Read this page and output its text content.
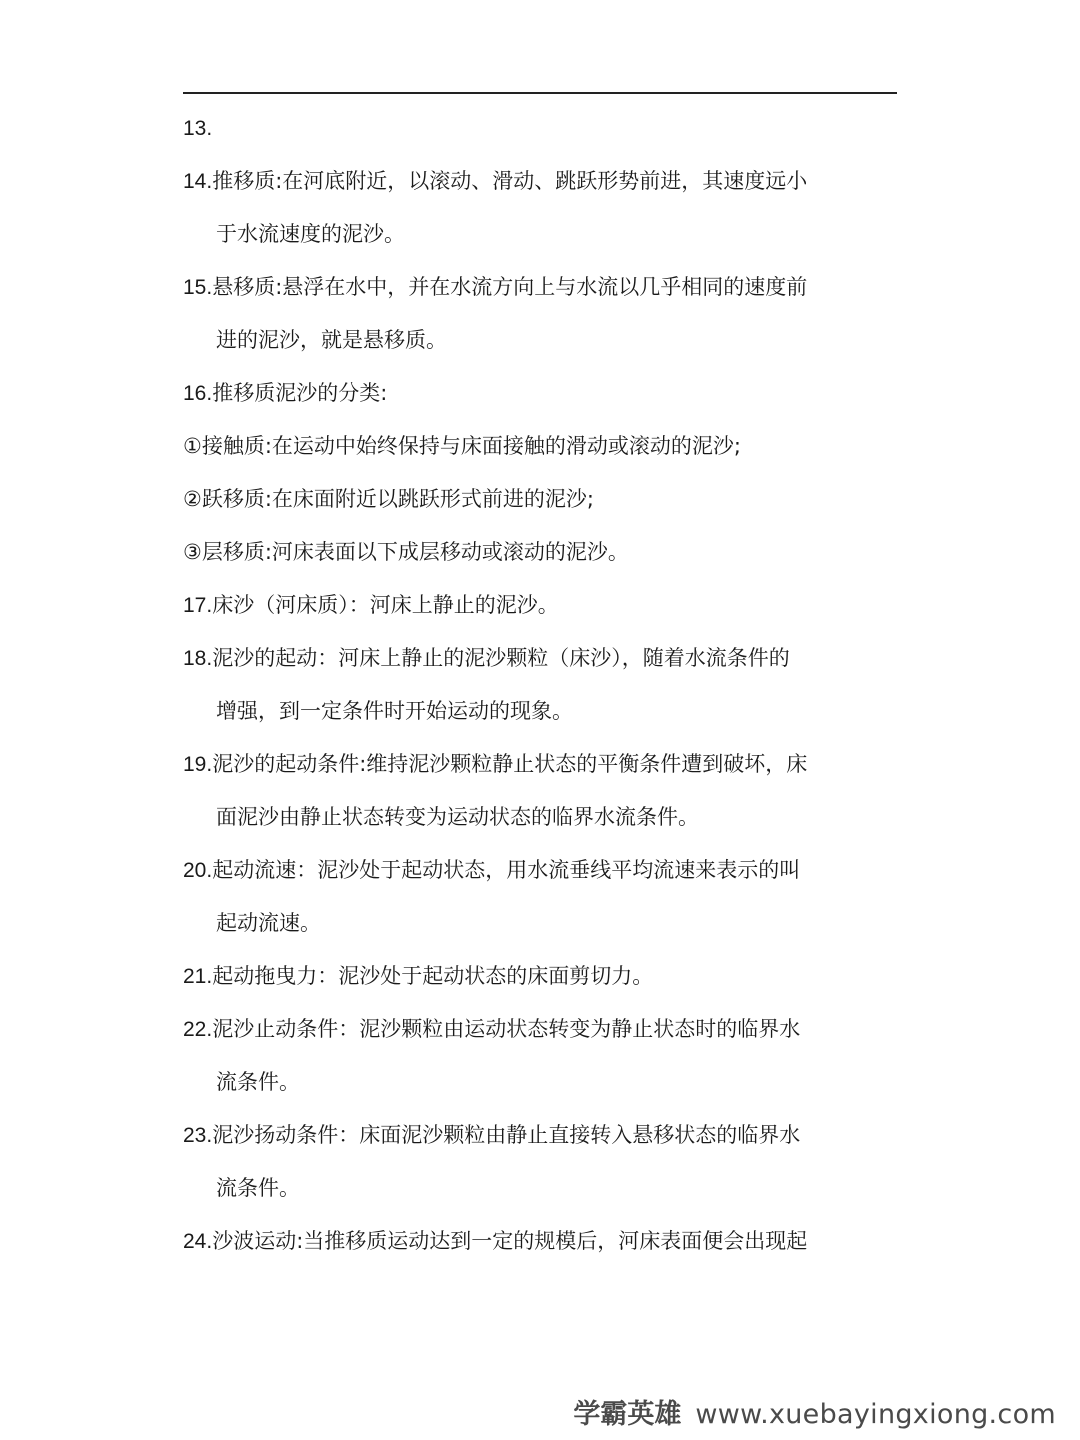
13.
14.推移质:在河底附近，以滚动、滑动、跳跃形势前进，其速度远小
于水流速度的泥沙。
15.悬移质:悬浮在水中，并在水流方向上与水流以几乎相同的速度前
进的泥沙，就是悬移质。
16.推移质泥沙的分类:
①接触质:在运动中始终保持与床面接触的滑动或滚动的泥沙;
②跃移质:在床面附近以跳跃形式前进的泥沙;
③层移质:河床表面以下成层移动或滚动的泥沙。
17.床沙（河床质）：河床上静止的泥沙。
18.泥沙的起动：河床上静止的泥沙颗粒（床沙），随着水流条件的
增强，到一定条件时开始运动的现象。
19.泥沙的起动条件:维持泥沙颗粒静止状态的平衡条件遭到破坏，床
面泥沙由静止状态转变为运动状态的临界水流条件。
20.起动流速：泥沙处于起动状态，用水流垂线平均流速来表示的叫
起动流速。
21.起动拖曳力：泥沙处于起动状态的床面剪切力。
22.泥沙止动条件：泥沙颗粒由运动状态转变为静止状态时的临界水
流条件。
23.泥沙扬动条件：床面泥沙颗粒由静止直接转入悬移状态的临界水
流条件。
24.沙波运动:当推移质运动达到一定的规模后，河床表面便会出现起
学霸英雄 www.xuebayingxiong.com
